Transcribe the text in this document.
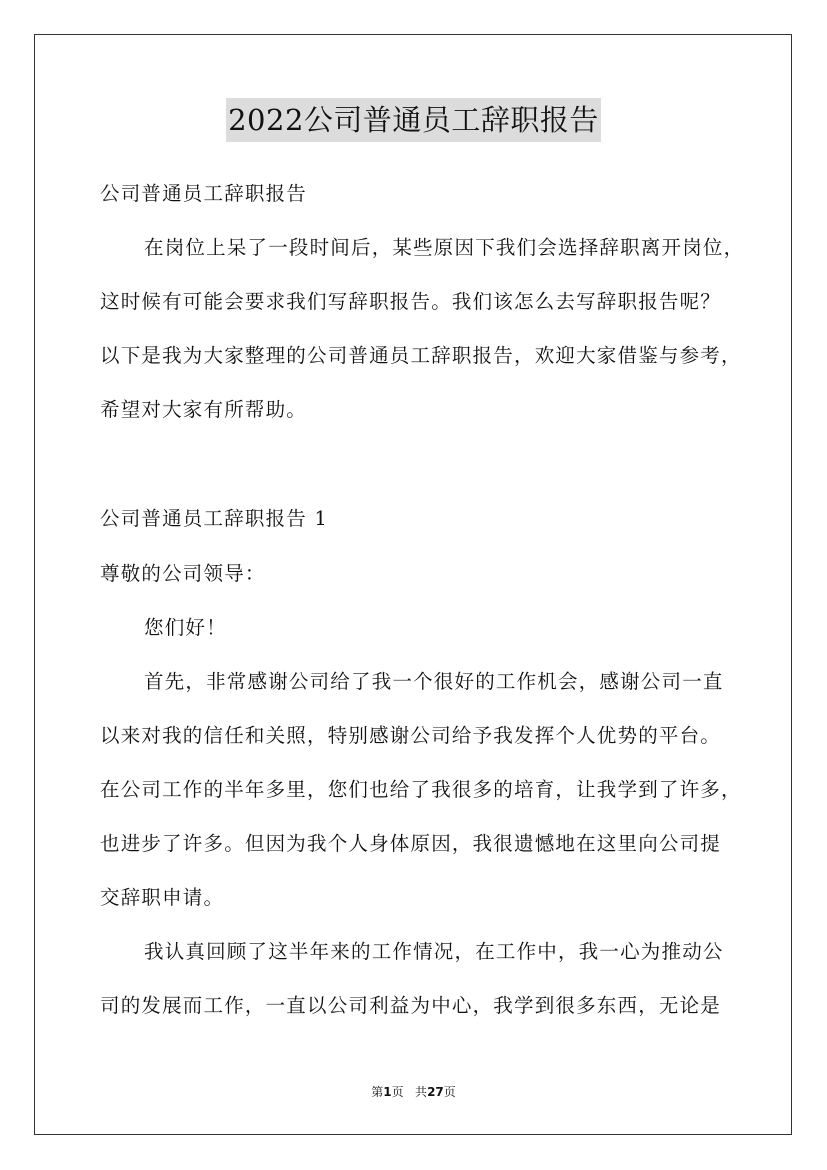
2022公司普通员工辞职报告
公司普通员工辞职报告
在岗位上呆了一段时间后，某些原因下我们会选择辞职离开岗位，
这时候有可能会要求我们写辞职报告。我们该怎么去写辞职报告呢？
以下是我为大家整理的公司普通员工辞职报告，欢迎大家借鉴与参考，
希望对大家有所帮助。
公司普通员工辞职报告 1
尊敬的公司领导：
您们好！
首先，非常感谢公司给了我一个很好的工作机会，感谢公司一直
以来对我的信任和关照，特别感谢公司给予我发挥个人优势的平台。
在公司工作的半年多里，您们也给了我很多的培育，让我学到了许多，
也进步了许多。但因为我个人身体原因，我很遗憾地在这里向公司提
交辞职申请。
我认真回顾了这半年来的工作情况，在工作中，我一心为推动公
司的发展而工作，一直以公司利益为中心，我学到很多东西，无论是
第1页 共27页
